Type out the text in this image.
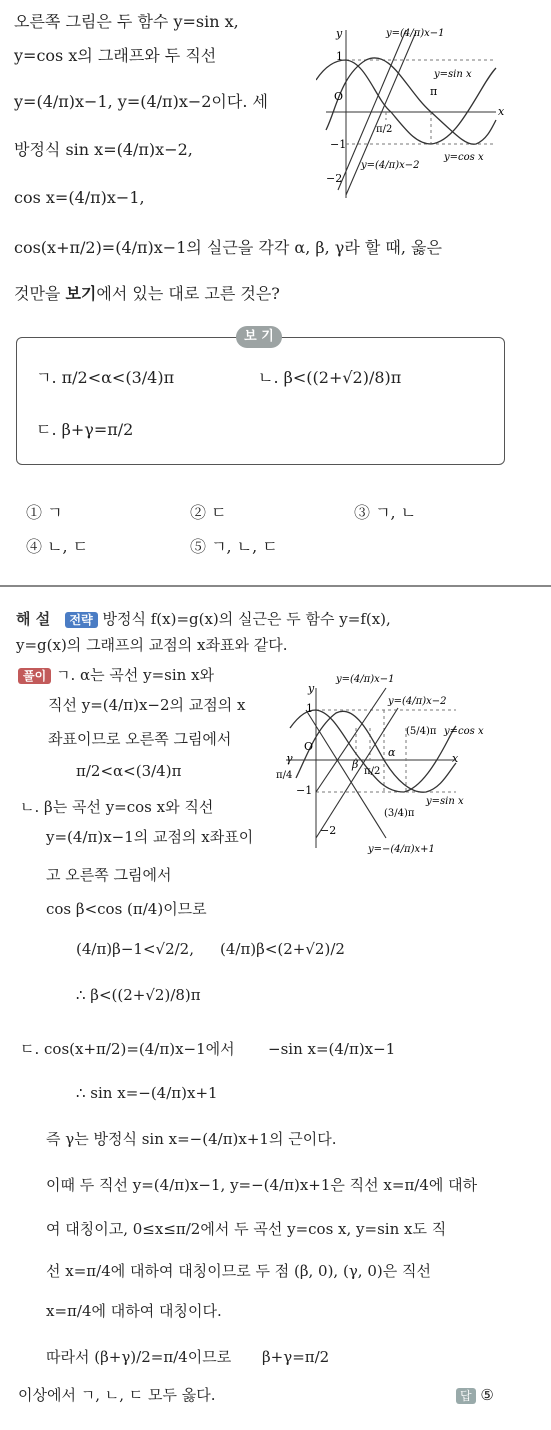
오른쪽 그림은 두 함수 y=sin x,
y=cos x의 그래프와 두 직선
y=(4/π)x−1, y=(4/π)x−2이다. 세
방정식 sin x=(4/π)x−2,
cos x=(4/π)x−1,
cos(x+π/2)=(4/π)x−1의 실근을 각각 α, β, γ라 할 때, 옳은
것만을 보기에서 있는 대로 고른 것은?
y
x
1
O
−1
−2
π
π/2
y=(4/π)x−1
y=sin x
y=cos x
y=(4/π)x−2
보 기
ㄱ. π/2<α<(3/4)π	ㄴ. β<((2+√2)/8)π
ㄷ. β+γ=π/2
① ㄱ	② ㄷ	③ ㄱ, ㄴ
④ ㄴ, ㄷ	⑤ ㄱ, ㄴ, ㄷ
해 설 전략 방정식 f(x)=g(x)의 실근은 두 함수 y=f(x),
y=g(x)의 그래프의 교점의 x좌표와 같다.
풀이 ㄱ. α는 곡선 y=sin x와
직선 y=(4/π)x−2의 교점의 x
좌표이므로 오른쪽 그림에서
π/2<α<(3/4)π
ㄴ. β는 곡선 y=cos x와 직선
y=(4/π)x−1의 교점의 x좌표이
고 오른쪽 그림에서
cos β<cos (π/4)이므로
(4/π)β−1<√2/2, (4/π)β<(2+√2)/2
∴ β<((2+√2)/8)π
ㄷ. cos(x+π/2)=(4/π)x−1에서 −sin x=(4/π)x−1
∴ sin x=−(4/π)x+1
즉 γ는 방정식 sin x=−(4/π)x+1의 근이다.
이때 두 직선 y=(4/π)x−1, y=−(4/π)x+1은 직선 x=π/4에 대하
여 대칭이고, 0≤x≤π/2에서 두 곡선 y=cos x, y=sin x도 직
선 x=π/4에 대하여 대칭이므로 두 점 (β, 0), (γ, 0)은 직선
x=π/4에 대하여 대칭이다.
따라서 (β+γ)/2=π/4이므로 β+γ=π/2
이상에서 ㄱ, ㄴ, ㄷ 모두 옳다.	답 ⑤
y
x
1
O
γ
π/4
−1
−2
β
π/2
α
y=(4/π)x−1
y=(4/π)x−2
(5/4)π y=cos x
y=sin x
(3/4)π
y=−(4/π)x+1
